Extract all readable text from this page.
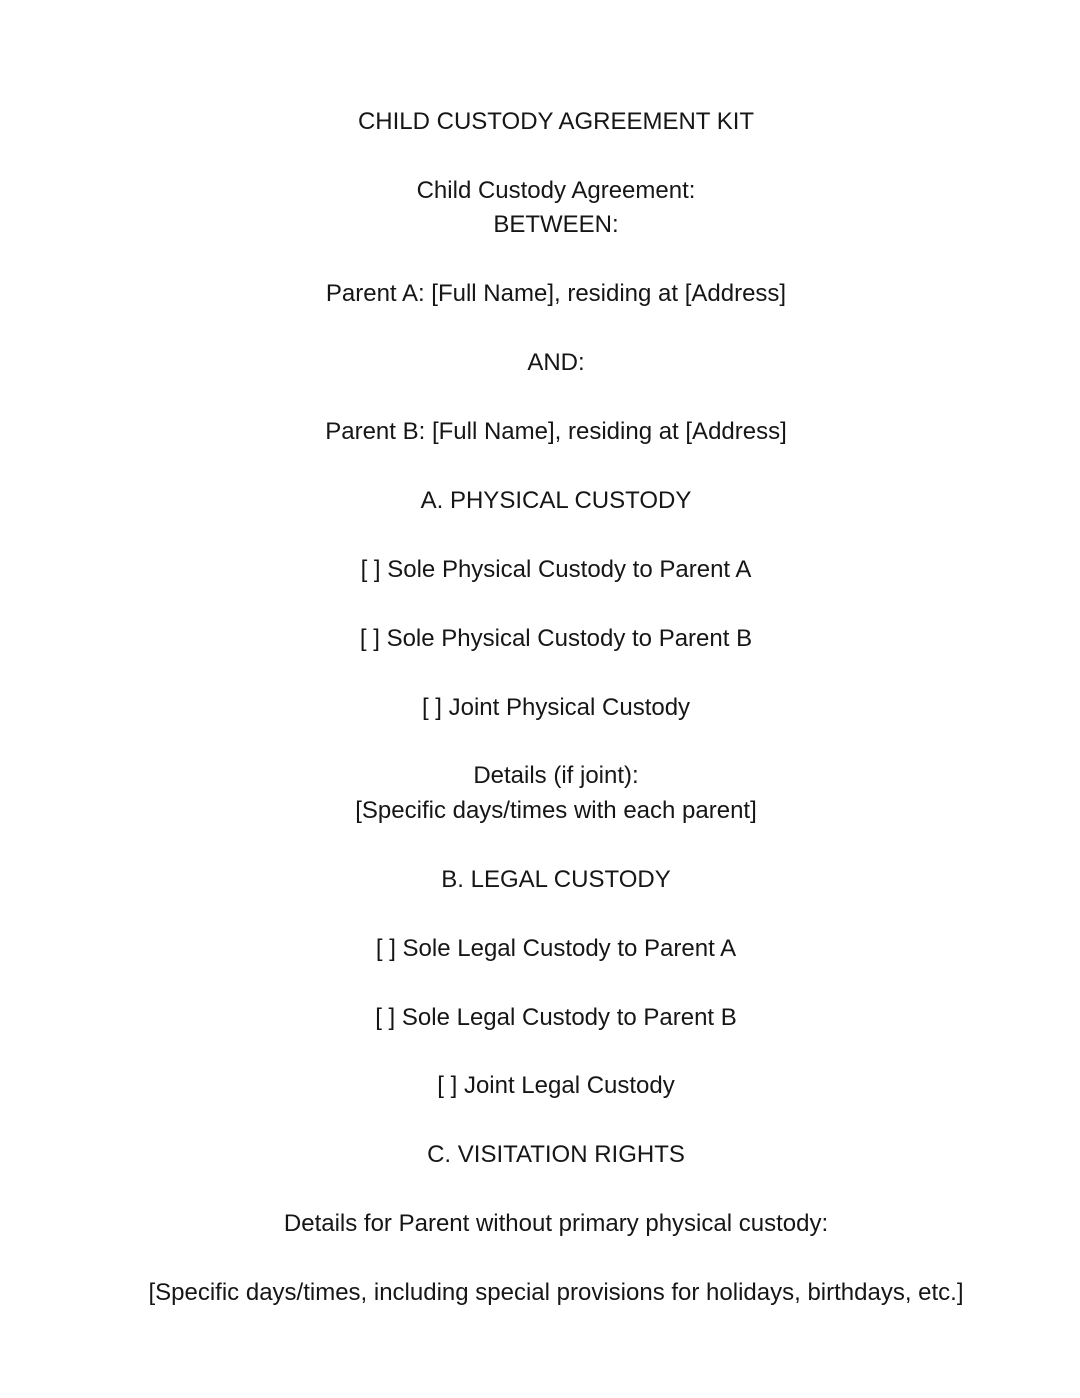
CHILD CUSTODY AGREEMENT KIT

Child Custody Agreement:
BETWEEN:

Parent A: [Full Name], residing at [Address]

AND:

Parent B: [Full Name], residing at [Address]

A. PHYSICAL CUSTODY

[ ] Sole Physical Custody to Parent A

[ ] Sole Physical Custody to Parent B

[ ] Joint Physical Custody

Details (if joint):
[Specific days/times with each parent]

B. LEGAL CUSTODY

[ ] Sole Legal Custody to Parent A

[ ] Sole Legal Custody to Parent B

[ ] Joint Legal Custody

C. VISITATION RIGHTS

Details for Parent without primary physical custody:

[Specific days/times, including special provisions for holidays, birthdays, etc.]
